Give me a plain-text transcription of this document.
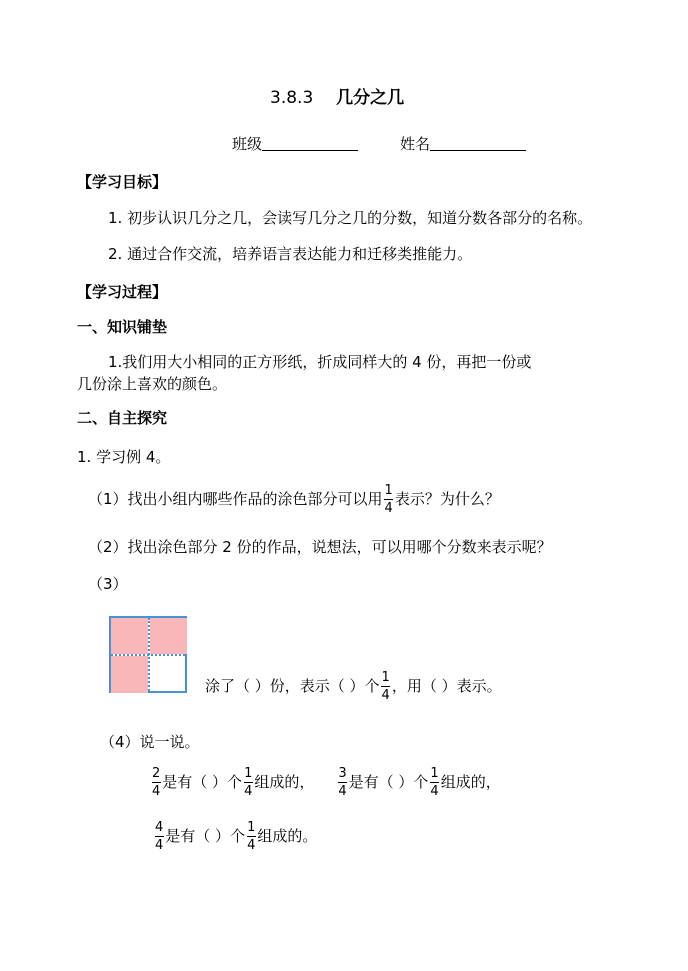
3.8.3 几分之几
班级	姓名
【学习目标】
1. 初步认识几分之几，会读写几分之几的分数，知道分数各部分的名称。
2. 通过合作交流，培养语言表达能力和迁移类推能力。
【学习过程】
一、知识铺垫
1.我们用大小相同的正方形纸，折成同样大的 4 份，再把一份或
几份涂上喜欢的颜色。
二、自主探究
1. 学习例 4。
（1）找出小组内哪些作品的涂色部分可以用 $\frac{1}{4}$ 表示？为什么？
（2）找出涂色部分 2 份的作品，说想法，可以用哪个分数来表示呢？
（3）
涂了（ ）份，表示（ ）个 $\frac{1}{4}$ ，用（ ）表示。
（4）说一说。
$\frac{2}{4}$ 是有（ ）个 $\frac{1}{4}$ 组成的， $\frac{3}{4}$ 是有（ ）个 $\frac{1}{4}$ 组成的，
$\frac{4}{4}$ 是有（ ）个 $\frac{1}{4}$ 组成的。
